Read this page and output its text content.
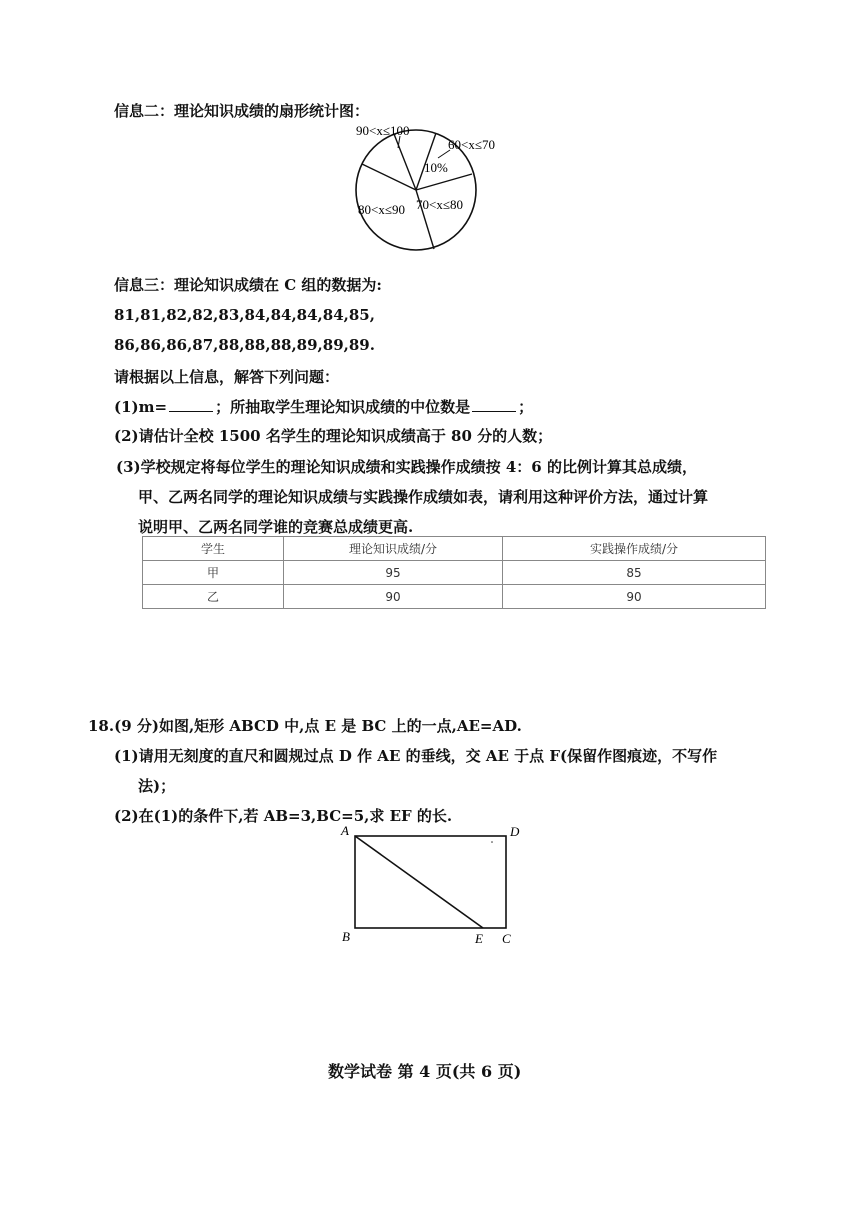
信息二：理论知识成绩的扇形统计图：
90<x≤100
60<x≤70
10%
70<x≤80
80<x≤90
信息三：理论知识成绩在 C 组的数据为:
81,81,82,82,83,84,84,84,84,85,
86,86,86,87,88,88,88,89,89,89.
请根据以上信息，解答下列问题：
(1)m=	；所抽取学生理论知识成绩的中位数是	；
(2)请估计全校 1500 名学生的理论知识成绩高于 80 分的人数；
(3)学校规定将每位学生的理论知识成绩和实践操作成绩按 4：6 的比例计算其总成绩，
甲、乙两名同学的理论知识成绩与实践操作成绩如表，请利用这种评价方法，通过计算
说明甲、乙两名同学谁的竞赛总成绩更高.
学生	理论知识成绩/分	实践操作成绩/分
甲	95	85
乙	90	90
18.(9 分)如图,矩形 ABCD 中,点 E 是 BC 上的一点,AE=AD.
(1)请用无刻度的直尺和圆规过点 D 作 AE 的垂线，交 AE 于点 F(保留作图痕迹，不写作
法)；
(2)在(1)的条件下,若 AB=3,BC=5,求 EF 的长.
A	D
B	E C
数学试卷 第 4 页(共 6 页)
